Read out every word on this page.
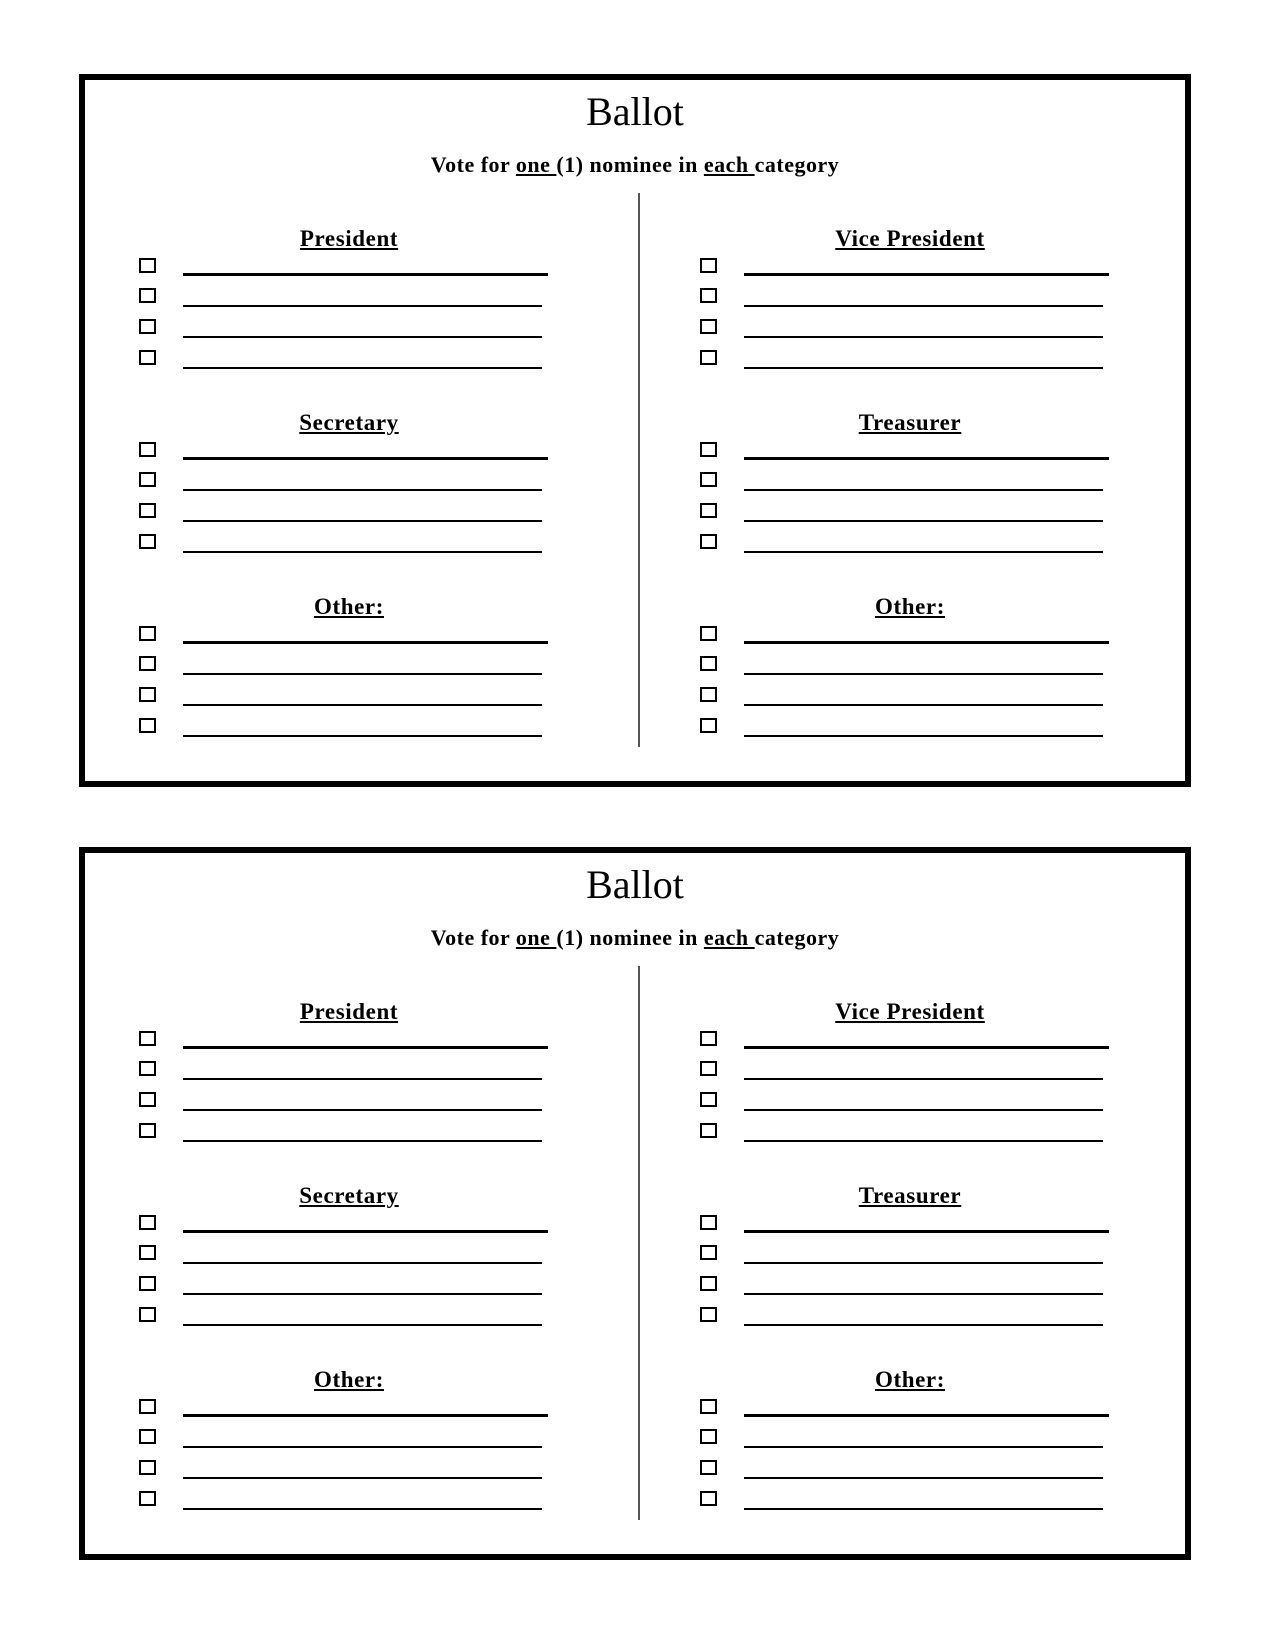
Ballot
Vote for one (1) nominee in each category
President
Secretary
Other:
Vice President
Treasurer
Other:
Ballot
Vote for one (1) nominee in each category
President
Secretary
Other:
Vice President
Treasurer
Other:
